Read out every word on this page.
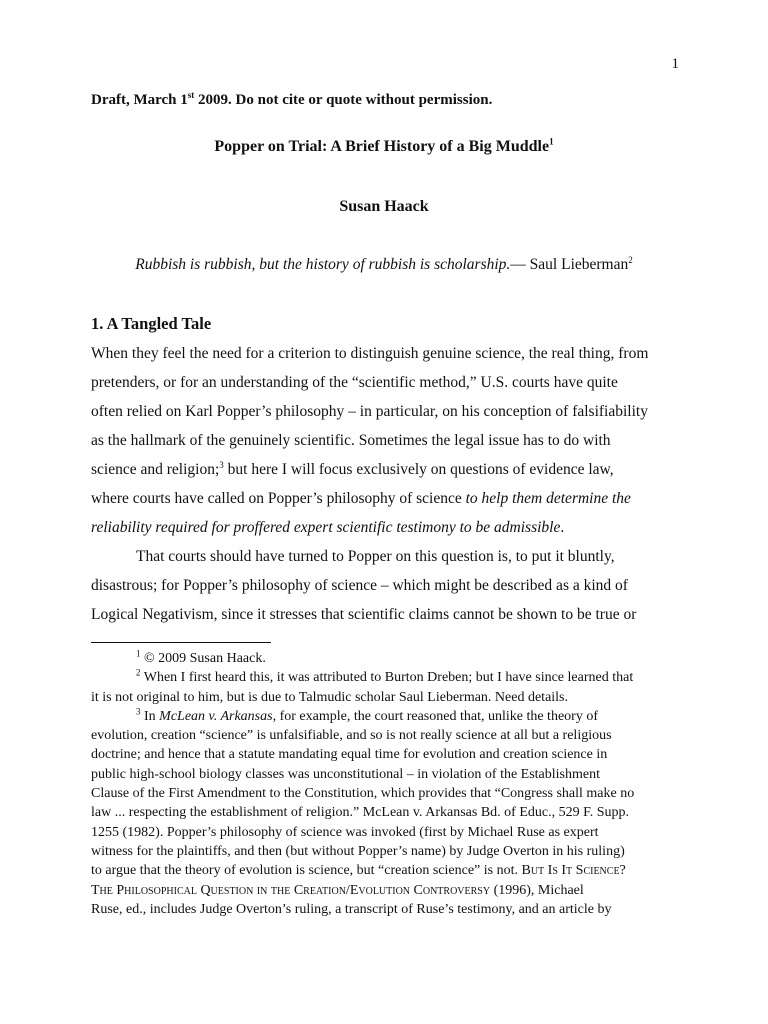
1
Draft, March 1st 2009. Do not cite or quote without permission.
Popper on Trial: A Brief History of a Big Muddle$^1$
Susan Haack
Rubbish is rubbish, but the history of rubbish is scholarship.— Saul Lieberman$^2$
1. A Tangled Tale
When they feel the need for a criterion to distinguish genuine science, the real thing, from
pretenders, or for an understanding of the “scientific method,” U.S. courts have quite
often relied on Karl Popper’s philosophy – in particular, on his conception of falsifiability
as the hallmark of the genuinely scientific. Sometimes the legal issue has to do with
science and religion;$^3$ but here I will focus exclusively on questions of evidence law,
where courts have called on Popper’s philosophy of science to help them determine the
reliability required for proffered expert scientific testimony to be admissible.
That courts should have turned to Popper on this question is, to put it bluntly,
disastrous; for Popper’s philosophy of science – which might be described as a kind of
Logical Negativism, since it stresses that scientific claims cannot be shown to be true or
$^1$ © 2009 Susan Haack.
$^2$ When I first heard this, it was attributed to Burton Dreben; but I have since learned that
it is not original to him, but is due to Talmudic scholar Saul Lieberman. Need details.
$^3$ In McLean v. Arkansas, for example, the court reasoned that, unlike the theory of
evolution, creation “science” is unfalsifiable, and so is not really science at all but a religious
doctrine; and hence that a statute mandating equal time for evolution and creation science in
public high-school biology classes was unconstitutional – in violation of the Establishment
Clause of the First Amendment to the Constitution, which provides that “Congress shall make no
law ... respecting the establishment of religion.” McLean v. Arkansas Bd. of Educ., 529 F. Supp.
1255 (1982). Popper’s philosophy of science was invoked (first by Michael Ruse as expert
witness for the plaintiffs, and then (but without Popper’s name) by Judge Overton in his ruling)
to argue that the theory of evolution is science, but “creation science” is not. But Is It Science?
The Philosophical Question in the Creation/Evolution Controversy (1996), Michael
Ruse, ed., includes Judge Overton’s ruling, a transcript of Ruse’s testimony, and an article by
